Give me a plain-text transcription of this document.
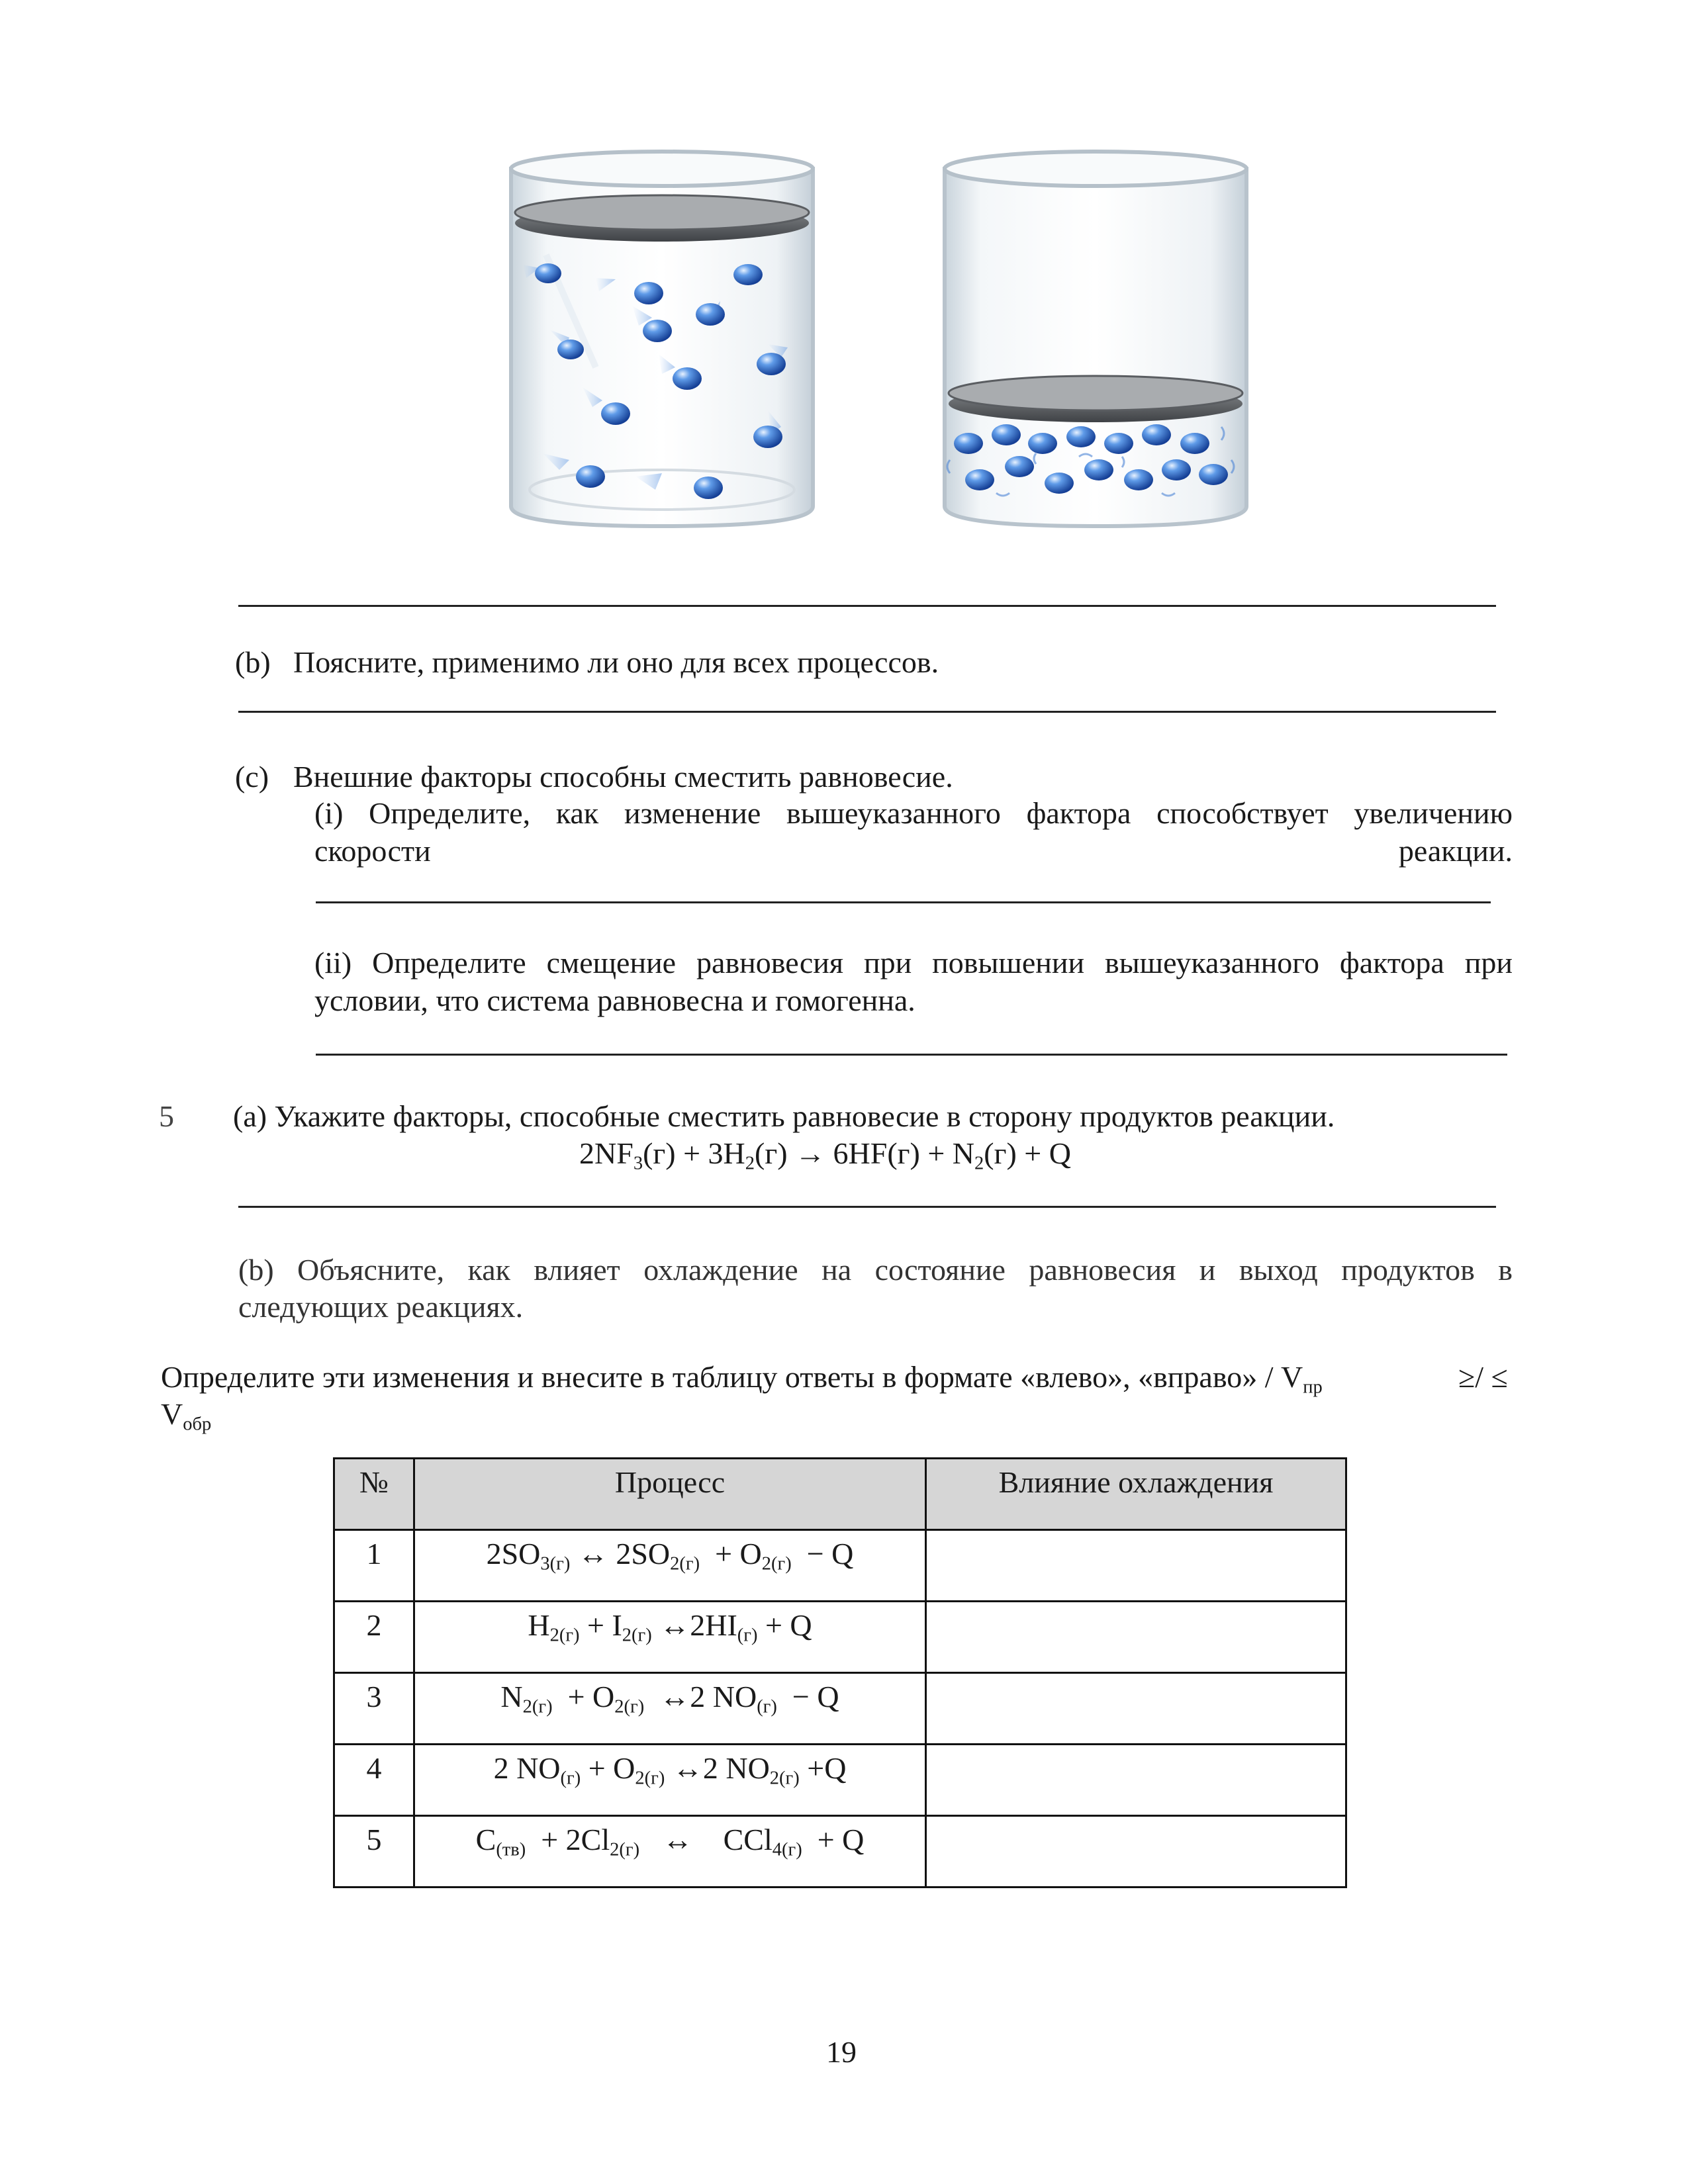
(b) Поясните, применимо ли оно для всех процессов.
(c) Внешние факторы способны сместить равновесие.
(i) Определите, как изменение вышеуказанного фактора способствует увеличению
скорости	реакции.
(ii) Определите смещение равновесия при повышении вышеуказанного фактора при
условии, что система равновесна и гомогенна.
5 (a) Укажите факторы, способные сместить равновесие в сторону продуктов реакции.
$2NF_3(г) + 3H_2(г) \to 6HF(г) + N_2(г) + Q$
(b) Объясните, как влияет охлаждение на состояние равновесия и выход продуктов в
следующих реакциях.
Определите эти изменения и внесите в таблицу ответы в формате «влево», «вправо» / $V_{пр}$	≥/ ≤
$V_{обр}$
№	Процесс	Влияние охлаждения
1	$2SO_{3(г)}$ ↔ $2SO_{2(г)} + O_{2(г)} - Q$	
2	$H_{2(г)} + I_{2(г)}$ $\leftrightarrow 2HI_{(г)} + Q$	
3	$N_{2(г)} + O_{2(г)}$  ↔2 $NO_{(г)} - Q$	
4	2 $NO_{(г)} + O_{2(г)}$ ↔2 $NO_{2(г)} +Q$	
5	$C_{(тв)} + 2Cl_{2(г)}$   ↔    CCl$_{4(г)}$  + Q	
19
